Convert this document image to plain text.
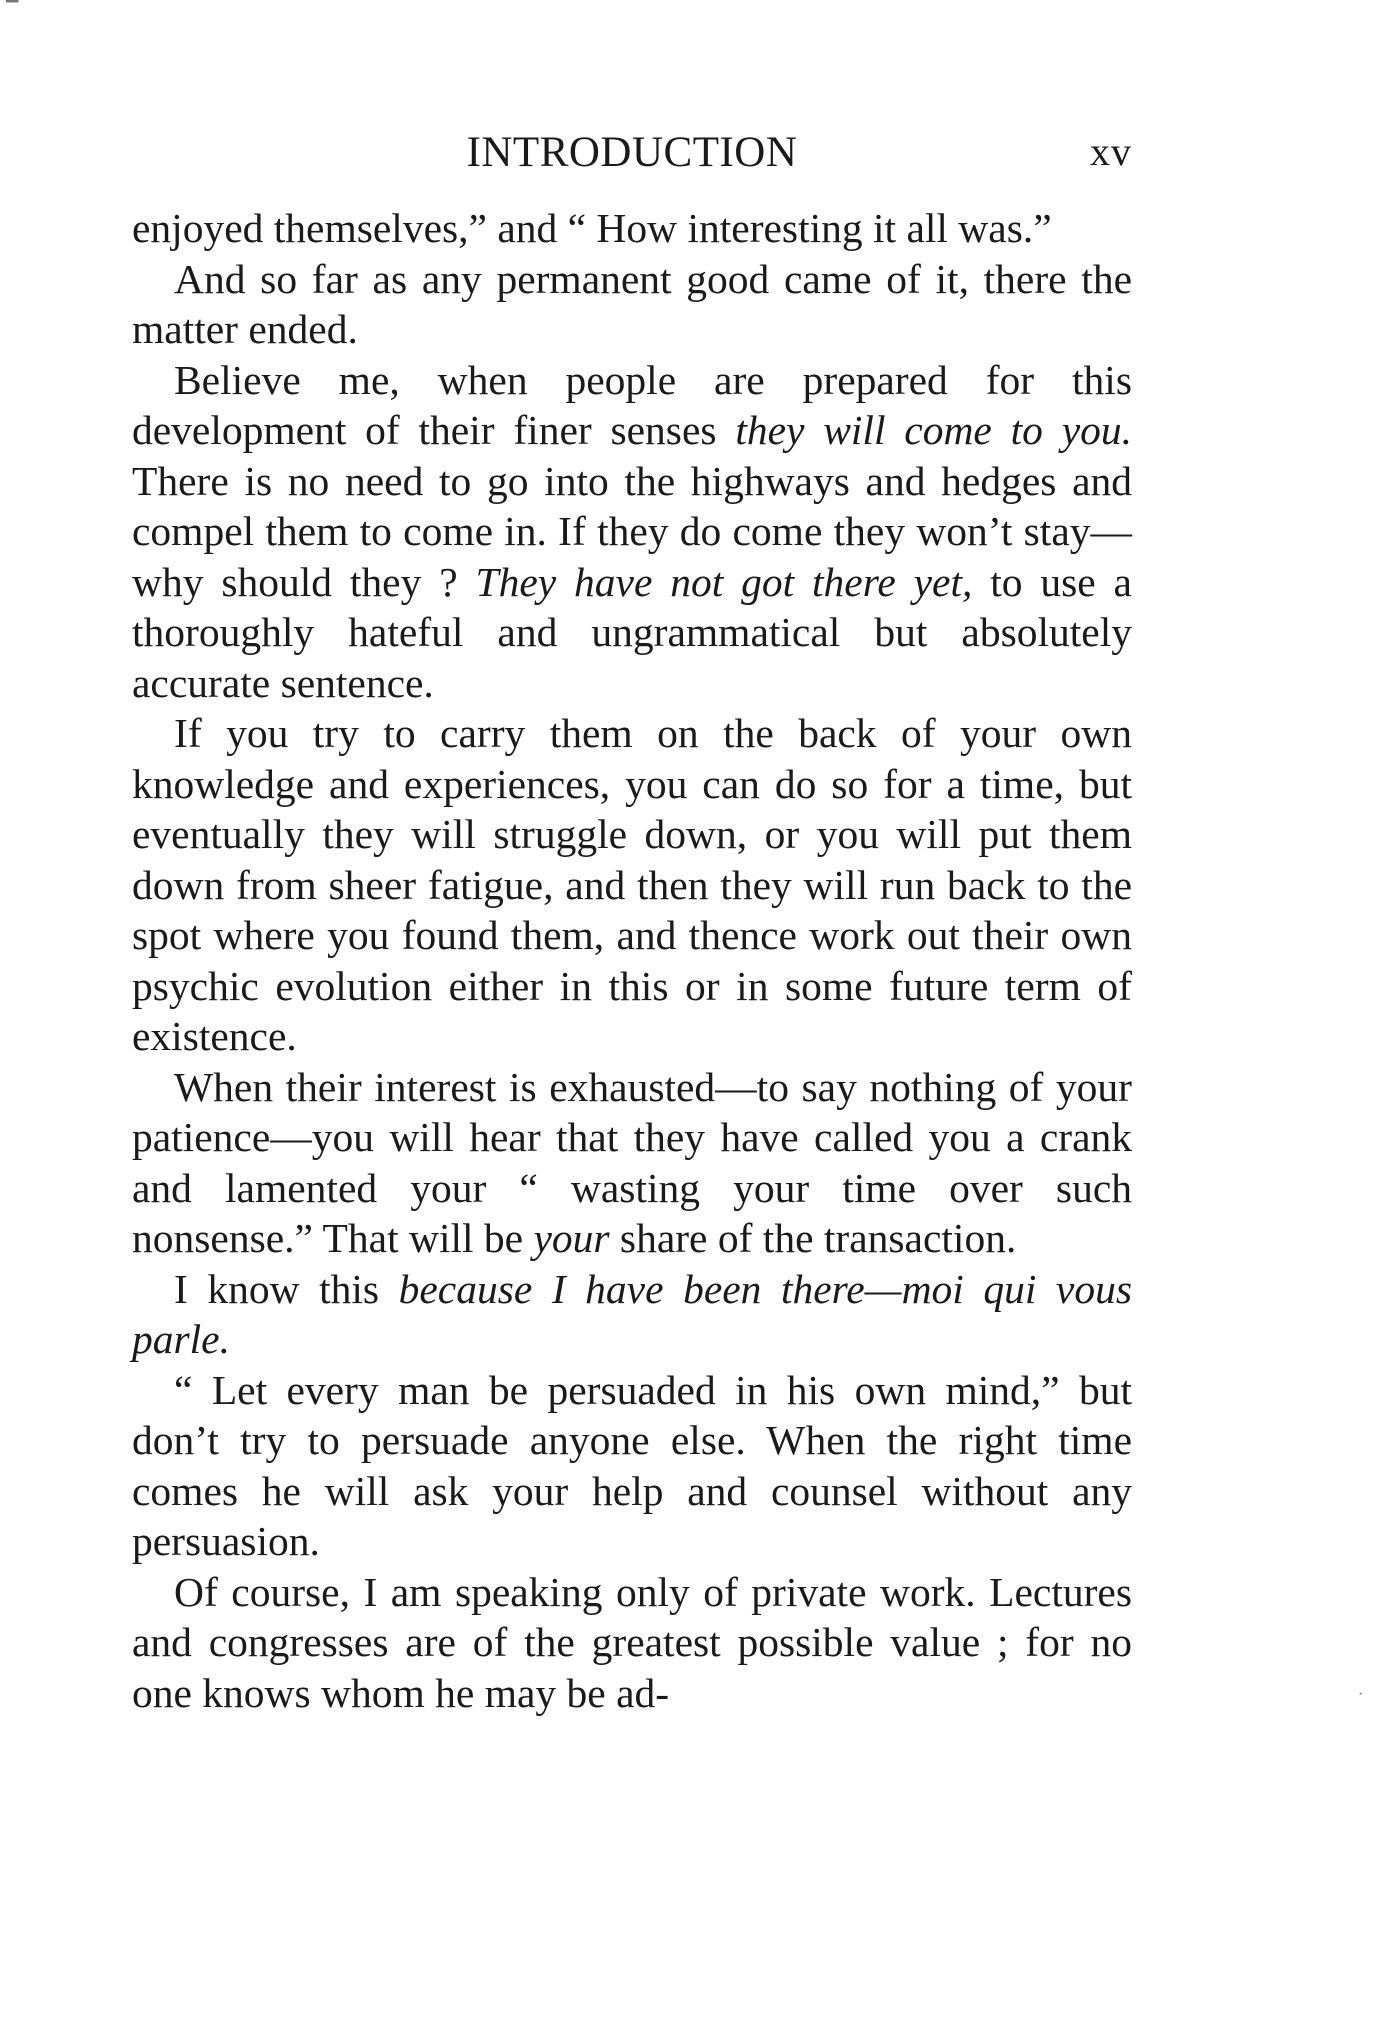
INTRODUCTION	xv

enjoyed themselves,” and “ How interesting it all was.”

And so far as any permanent good came of it, there the matter ended.

Believe me, when people are prepared for this development of their finer senses they will come to you. There is no need to go into the highways and hedges and compel them to come in. If they do come they won’t stay—why should they ? They have not got there yet, to use a thoroughly hateful and ungrammatical but absolutely accurate sentence.

If you try to carry them on the back of your own knowledge and experiences, you can do so for a time, but eventually they will struggle down, or you will put them down from sheer fatigue, and then they will run back to the spot where you found them, and thence work out their own psychic evolution either in this or in some future term of existence.

When their interest is exhausted—to say nothing of your patience—you will hear that they have called you a crank and lamented your “ wasting your time over such nonsense.” That will be your share of the transaction.

I know this because I have been there—moi qui vous parle.

“ Let every man be persuaded in his own mind,” but don’t try to persuade anyone else. When the right time comes he will ask your help and counsel without any persuasion.

Of course, I am speaking only of private work. Lectures and congresses are of the greatest possible value ; for no one knows whom he may be ad-

▔
·
